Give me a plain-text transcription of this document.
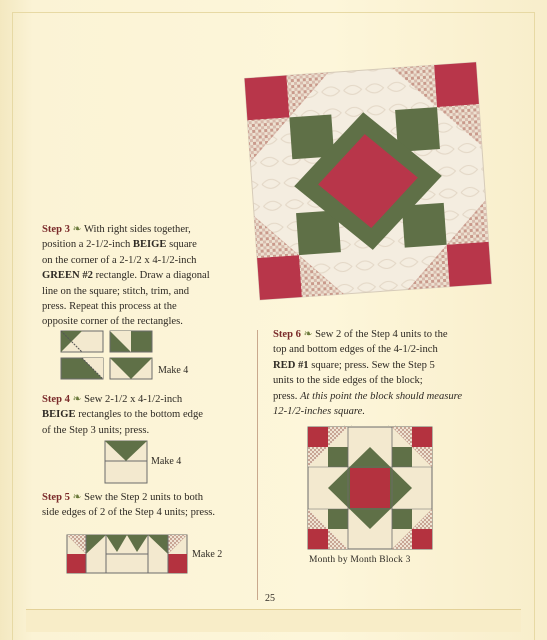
Step 3 ❧ With right sides together,
position a 2-1/2-inch BEIGE square
on the corner of a 2-1/2 x 4-1/2-inch
GREEN #2 rectangle. Draw a diagonal
line on the square; stitch, trim, and
press. Repeat this process at the
opposite corner of the rectangles.
Make 4
Step 4 ❧ Sew 2-1/2 x 4-1/2-inch
BEIGE rectangles to the bottom edge
of the Step 3 units; press.
Make 4
Step 5 ❧ Sew the Step 2 units to both
side edges of 2 of the Step 4 units; press.
Make 2
Step 6 ❧ Sew 2 of the Step 4 units to the
top and bottom edges of the 4-1/2-inch
RED #1 square; press. Sew the Step 5
units to the side edges of the block;
press. At this point the block should measure
12-1/2-inches square.
Month by Month Block 3
25
